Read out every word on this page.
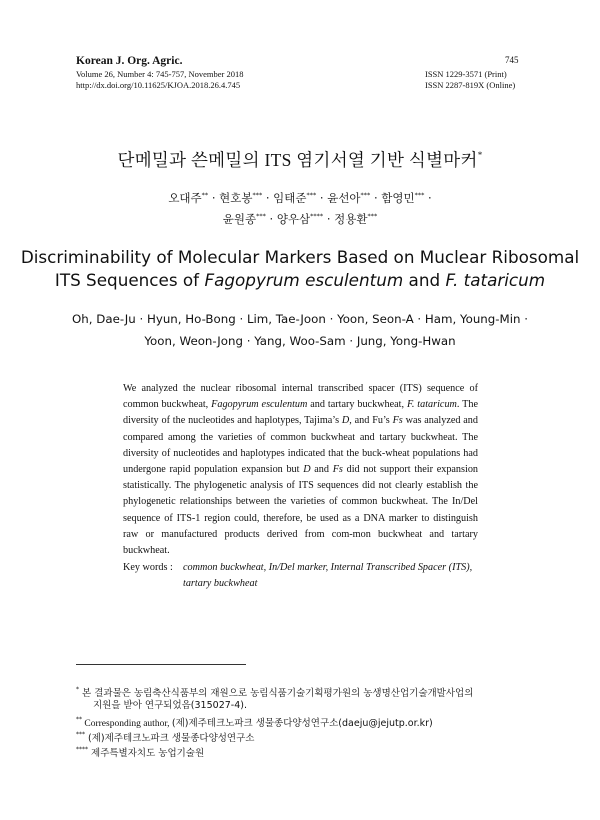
Korean J. Org. Agric.
Volume 26, Number 4: 745-757, November 2018
http://dx.doi.org/10.11625/KJOA.2018.26.4.745
745
ISSN 1229-3571 (Print)
ISSN 2287-819X (Online)
단메밀과 쓴메밀의 ITS 염기서열 기반 식별마커*
오대주** · 현호봉*** · 임태준*** · 윤선아*** · 함영민*** ·
윤원종*** · 양우삼**** · 정용환***
Discriminability of Molecular Markers Based on Muclear Ribosomal
ITS Sequences of Fagopyrum esculentum and F. tataricum
Oh, Dae-Ju · Hyun, Ho-Bong · Lim, Tae-Joon · Yoon, Seon-A · Ham, Young-Min ·
Yoon, Weon-Jong · Yang, Woo-Sam · Jung, Yong-Hwan
We analyzed the nuclear ribosomal internal transcribed spacer (ITS) sequence of common buckwheat, Fagopyrum esculentum and tartary buckwheat, F. tataricum. The diversity of the nucleotides and haplotypes, Tajima’s D, and Fu’s Fs was analyzed and compared among the varieties of common buckwheat and tartary buckwheat. The diversity of nucleotides and haplotypes indicated that the buck-wheat populations had undergone rapid population expansion but D and Fs did not support their expansion statistically. The phylogenetic analysis of ITS sequences did not clearly establish the phylogenetic relationships between the varieties of common buckwheat. The In/Del sequence of ITS-1 region could, therefore, be used as a DNA marker to distinguish raw or manufactured products derived from com-mon buckwheat and tartary buckwheat.
Key words : common buckwheat, In/Del marker, Internal Transcribed Spacer (ITS), tartary buckwheat
* 본 결과물은 농림축산식품부의 재원으로 농림식품기술기획평가원의 농생명산업기술개발사업의
지원을 받아 연구되었음(315027-4).
** Corresponding author, (제)제주테크노파크 생물종다양성연구소(daeju@jejutp.or.kr)
*** (제)제주테크노파크 생물종다양성연구소
**** 제주특별자치도 농업기술원
